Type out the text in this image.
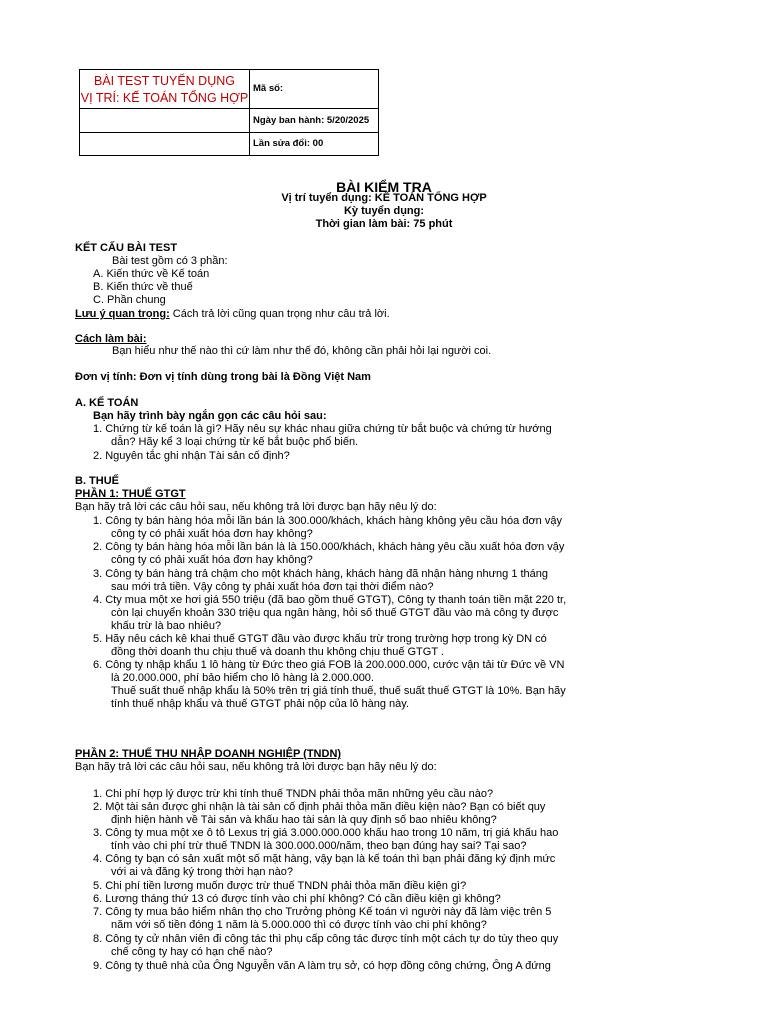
BÀI TEST TUYỂN DỤNG
VỊ TRÍ: KẾ TOÁN TỔNG HỢP
Mã số:
Ngày ban hành: 5/20/2025
Lần sửa đổi: 00
BÀI KIỂM TRA
Vị trí tuyển dụng: KẾ TOÁN TỔNG HỢP
Kỳ tuyển dụng:
Thời gian làm bài: 75 phút
KẾT CẤU BÀI TEST
Bài test gồm có 3 phần:
A. Kiến thức về Kế toán
B. Kiến thức về thuế
C. Phần chung
Lưu ý quan trọng: Cách trả lời cũng quan trọng như câu trả lời.
Cách làm bài:
Bạn hiểu như thế nào thì cứ làm như thế đó, không cần phải hỏi lại người coi.
Đơn vị tính: Đơn vị tính dùng trong bài là Đồng Việt Nam
A. KẾ TOÁN
Bạn hãy trình bày ngắn gọn các câu hỏi sau:
1. Chứng từ kế toán là gì? Hãy nêu sự khác nhau giữa chứng từ bắt buộc và chứng từ hướng
dẫn? Hãy kể 3 loại chứng từ kế bắt buộc phổ biến.
2. Nguyên tắc ghi nhận Tài sản cố định?
B. THUẾ
PHẦN 1: THUẾ GTGT
Bạn hãy trả lời các câu hỏi sau, nếu không trả lời được bạn hãy nêu lý do:
1. Công ty bán hàng hóa mỗi lần bán là 300.000/khách, khách hàng không yêu cầu hóa đơn vậy
công ty có phải xuất hóa đơn hay không?
2. Công ty bán hàng hóa mỗi lần bán là là 150.000/khách, khách hàng yêu cầu xuất hóa đơn vậy
công ty có phải xuất hóa đơn hay không?
3. Công ty bán hàng trả chậm cho một khách hàng, khách hàng đã nhận hàng nhưng 1 tháng
sau mới trả tiền. Vậy công ty phải xuất hóa đơn tại thời điểm nào?
4. Cty mua một xe hơi giá 550 triệu (đã bao gồm thuế GTGT), Công ty thanh toán tiền mặt 220 tr,
còn lại chuyển khoản 330 triệu qua ngân hàng, hỏi số thuế GTGT đầu vào mà công ty được
khấu trừ là bao nhiêu?
5. Hãy nêu cách kê khai thuế GTGT đầu vào được khấu trừ trong trường hợp trong kỳ DN có
đồng thời doanh thu chịu thuế và doanh thu không chịu thuế GTGT .
6. Công ty nhập khẩu 1 lô hàng từ Đức theo giá FOB là 200.000.000, cước vận tải từ Đức về VN
là 20.000.000, phí bảo hiểm cho lô hàng là 2.000.000.
Thuế suất thuế nhập khẩu là 50% trên trị giá tính thuế, thuế suất thuế GTGT là 10%. Bạn hãy
tính thuế nhập khẩu và thuế GTGT phải nộp của lô hàng này.
PHẦN 2: THUẾ THU NHẬP DOANH NGHIỆP (TNDN)
Bạn hãy trả lời các câu hỏi sau, nếu không trả lời được bạn hãy nêu lý do:
1. Chi phí hợp lý được trừ khi tính thuế TNDN phải thỏa mãn những yêu cầu nào?
2. Một tài sản được ghi nhận là tài sản cố định phải thỏa mãn điều kiện nào? Bạn có biết quy
định hiện hành về Tài sản và khấu hao tài sản là quy định số bao nhiêu không?
3. Công ty mua một xe ô tô Lexus trị giá 3.000.000.000 khấu hao trong 10 năm, trị giá khấu hao
tính vào chi phí trừ thuế TNDN là 300.000.000/năm, theo bạn đúng hay sai? Tại sao?
4. Công ty bạn có sản xuất một số mặt hàng, vậy bạn là kế toán thì bạn phải đăng ký định mức
với ai và đăng ký trong thời hạn nào?
5. Chi phí tiền lương muốn được trừ thuế TNDN phải thỏa mãn điều kiện gì?
6. Lương tháng thứ 13 có được tính vào chi phí không? Có cần điều kiện gì không?
7. Công ty mua bảo hiểm nhân thọ cho Trưởng phòng Kế toán vì người này đã làm việc trên 5
năm với số tiền đóng 1 năm là 5.000.000 thì có được tính vào chi phí không?
8. Công ty cử nhân viên đi công tác thì phụ cấp công tác được tính một cách tự do tùy theo quy
chế công ty hay có hạn chế nào?
9. Công ty thuê nhà của Ông Nguyễn văn A làm trụ sở, có hợp đồng công chứng, Ông A đứng
